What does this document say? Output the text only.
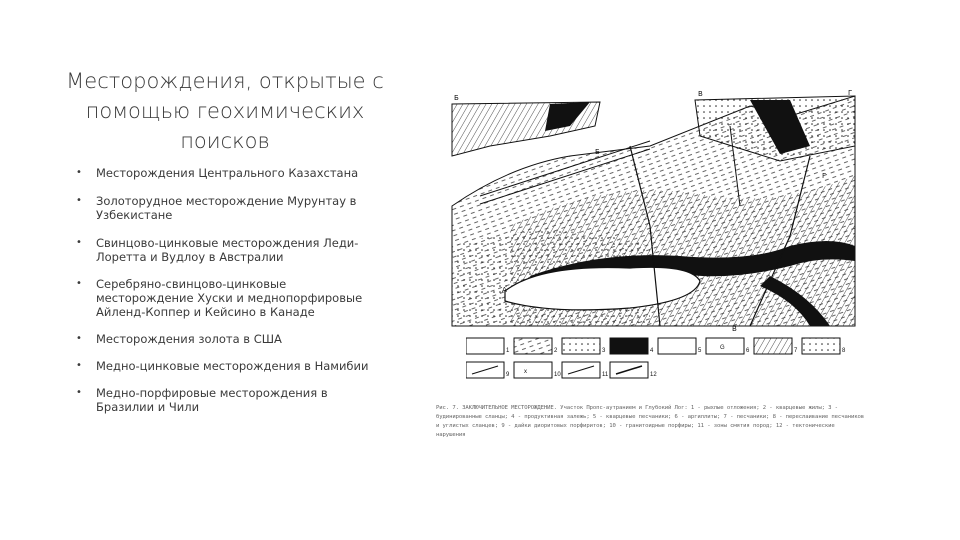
Месторождения, открытые с помощью геохимических поисков
• Месторождения Центрального Казахстана
• Золоторудное месторождение Мурунтау в Узбекистане
• Свинцово-цинковые месторождения Леди-Лоретта и Вудлоу в Австралии
• Серебряно-свинцово-цинковые месторождение Хуски и меднопорфировые Айленд-Коппер и Кейсино в Канаде
• Месторождения золота в США
• Медно-цинковые месторождения в Намибии
• Медно-порфировые месторождения в Бразилии и Чили
Б
Б
В	Г
Г
А
А
В
1	2	3	4	5	G	6	7	8
9 x	10	11	12
Рис. 7. ЗАКЛЮЧИТЕЛЬНОЕ МЕСТОРОЖДЕНИЕ. Участок Пропс-аутранием и Глубокий Лог: 1 - рыхлые отложения; 2 - кварцевые жилы; 3 - будинированные сланцы; 4 - продуктивная залежь; 5 - кварцевые песчаники; 6 - аргиллиты; 7 - песчаники; 8 - переслаивание песчаников и углистых сланцев; 9 - дайки диоритовых порфиритов; 10 - гранитоидные порфиры; 11 - зоны смятия пород; 12 - тектонические нарушения
